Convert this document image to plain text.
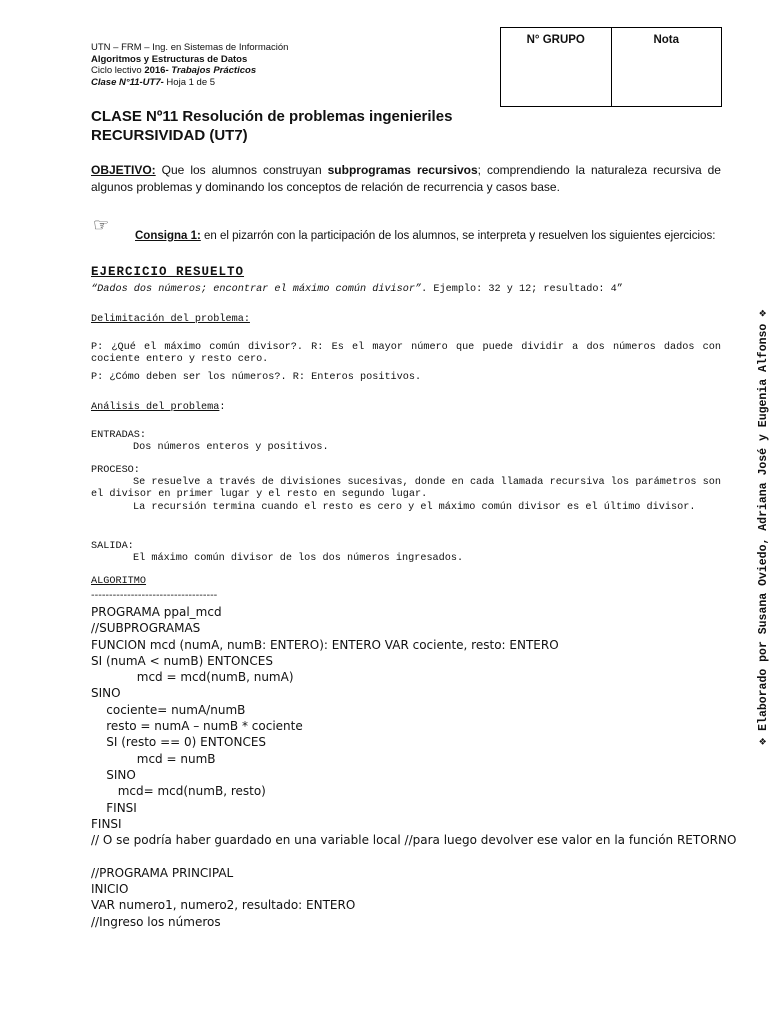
UTN – FRM – Ing. en Sistemas de Información
Algoritmos y Estructuras de Datos
Ciclo lectivo 2016- Trabajos Prácticos
Clase N°11-UT7- Hoja 1 de 5
N° GRUPO	Nota
CLASE Nº11 Resolución de problemas ingenieriles
RECURSIVIDAD (UT7)
OBJETIVO: Que los alumnos construyan subprogramas recursivos; comprendiendo la naturaleza recursiva de algunos problemas y dominando los conceptos de relación de recurrencia y casos base.
☞
Consigna 1: en el pizarrón con la participación de los alumnos, se interpreta y resuelven los siguientes ejercicios:
EJERCICIO RESUELTO
“Dados dos números; encontrar el máximo común divisor”. Ejemplo: 32 y 12; resultado: 4”
Delimitación del problema:
P: ¿Qué el máximo común divisor?. R: Es el mayor número que puede dividir a dos números dados con cociente entero y resto cero.
P: ¿Cómo deben ser los números?. R: Enteros positivos.
Análisis del problema:
ENTRADAS:
Dos números enteros y positivos.
PROCESO:
Se resuelve a través de divisiones sucesivas, donde en cada llamada recursiva los parámetros son el divisor en primer lugar y el resto en segundo lugar.
La recursión termina cuando el resto es cero y el máximo común divisor es el último divisor.
SALIDA:
El máximo común divisor de los dos números ingresados.
ALGORITMO
-----------------------------------
PROGRAMA ppal_mcd
//SUBPROGRAMAS
FUNCION mcd (numA, numB: ENTERO): ENTERO VAR cociente, resto: ENTERO
SI (numA < numB) ENTONCES
mcd = mcd(numB, numA)
SINO
cociente= numA/numB
resto = numA – numB * cociente
SI (resto == 0) ENTONCES
mcd = numB
SINO
mcd= mcd(numB, resto)
FINSI
FINSI
// O se podría haber guardado en una variable local //para luego devolver ese valor en la función RETORNO
//PROGRAMA PRINCIPAL
INICIO
VAR numero1, numero2, resultado: ENTERO
//Ingreso los números
❖ Elaborado por Susana Oviedo, Adriana José y Eugenia Alfonso ❖
